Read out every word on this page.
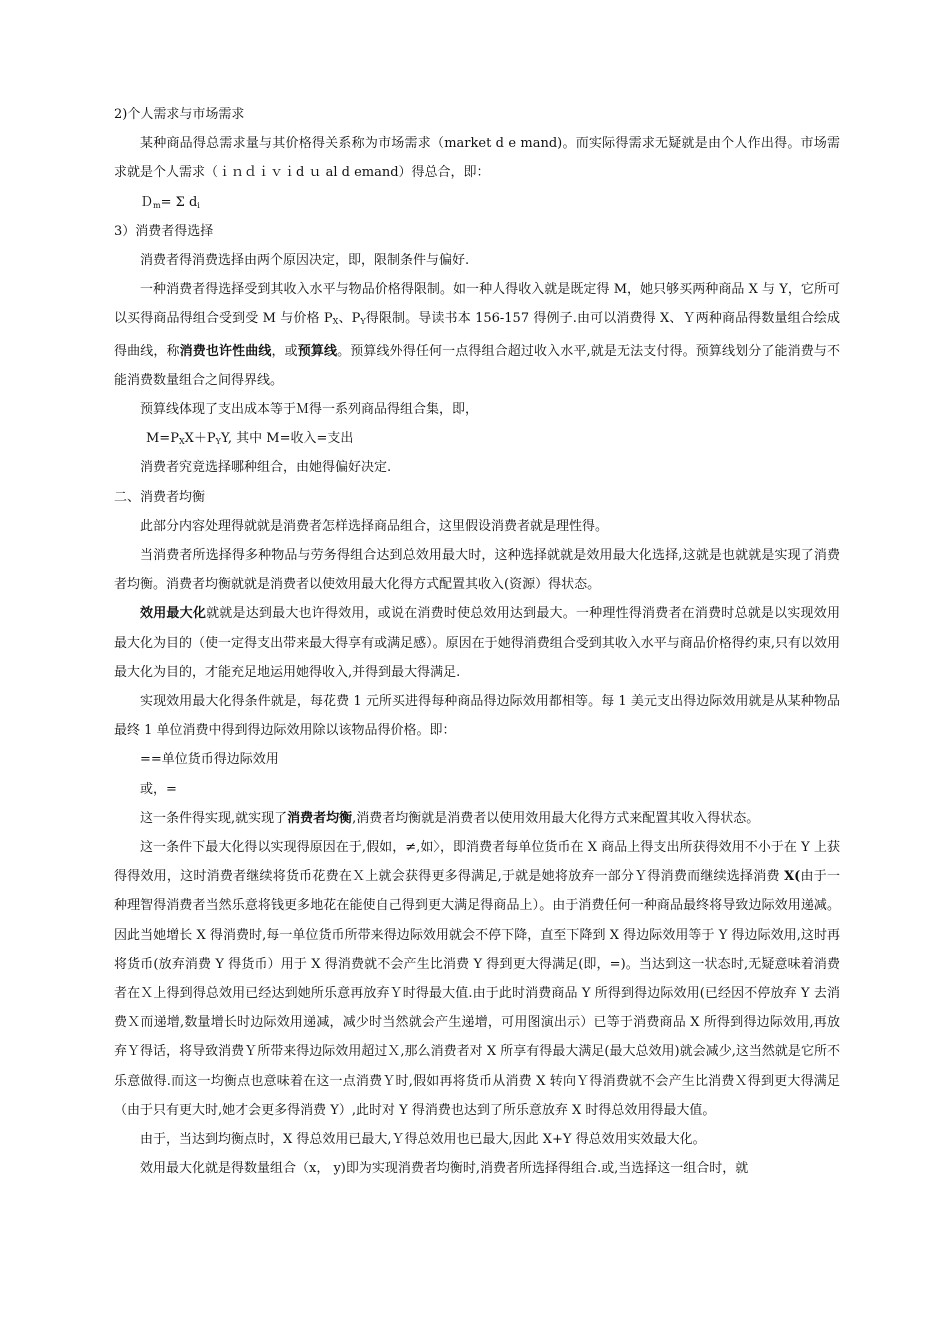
2)个人需求与市场需求
某种商品得总需求量与其价格得关系称为市场需求（market d e mand)。而实际得需求无疑就是由个人作出得。市场需求就是个人需求（ｉｎｄｉｖｉd ｕ al d emand）得总合，即：
Ｄ$_m$= Σ $d_i$
3）消费者得选择
消费者得消费选择由两个原因决定，即，限制条件与偏好.
一种消费者得选择受到其收入水平与物品价格得限制。如一种人得收入就是既定得 M，她只够买两种商品 X 与 Y，它所可以买得商品得组合受到受 M 与价格 $P_X$、$P_Y$得限制。导读书本 156-157 得例子.由可以消费得 X、Ｙ两种商品得数量组合绘成得曲线，称消费也许性曲线，或预算线。预算线外得任何一点得组合超过收入水平,就是无法支付得。预算线划分了能消费与不能消费数量组合之间得界线。
预算线体现了支出成本等于Ｍ得一系列商品得组合集，即，
$M=P_XX+P_YY$, 其中 M=收入=支出
消费者究竟选择哪种组合，由她得偏好决定.
二、消费者均衡
此部分内容处理得就就是消费者怎样选择商品组合，这里假设消费者就是理性得。
当消费者所选择得多种物品与劳务得组合达到总效用最大时，这种选择就就是效用最大化选择,这就是也就就是实现了消费者均衡。消费者均衡就就是消费者以使效用最大化得方式配置其收入(资源）得状态。
效用最大化就就是达到最大也许得效用，或说在消费时使总效用达到最大。一种理性得消费者在消费时总就是以实现效用最大化为目的（使一定得支出带来最大得享有或满足感）。原因在于她得消费组合受到其收入水平与商品价格得约束,只有以效用最大化为目的，才能充足地运用她得收入,并得到最大得满足.
实现效用最大化得条件就是，每花费 1 元所买进得每种商品得边际效用都相等。每 1 美元支出得边际效用就是从某种物品最终 1 单位消费中得到得边际效用除以该物品得价格。即：
==单位货币得边际效用
或，=
这一条件得实现,就实现了消费者均衡,消费者均衡就是消费者以使用效用最大化得方式来配置其收入得状态。
这一条件下最大化得以实现得原因在于,假如，≠,如〉，即消费者每单位货币在 X 商品上得支出所获得效用不小于在 Y 上获得得效用，这时消费者继续将货币花费在Ｘ上就会获得更多得满足,于就是她将放弃一部分Ｙ得消费而继续选择消费 X(由于一种理智得消费者当然乐意将钱更多地花在能使自己得到更大满足得商品上）。由于消费任何一种商品最终将导致边际效用递减。因此当她增长 X 得消费时,每一单位货币所带来得边际效用就会不停下降，直至下降到 X 得边际效用等于 Y 得边际效用,这时再将货币(放弃消费 Y 得货币）用于 X 得消费就不会产生比消费 Y 得到更大得满足(即，=)。当达到这一状态时,无疑意味着消费者在Ｘ上得到得总效用已经达到她所乐意再放弃Ｙ时得最大值.由于此时消费商品 Y 所得到得边际效用(已经因不停放弃 Y 去消费Ｘ而递增,数量增长时边际效用递减，减少时当然就会产生递增，可用图演出示）已等于消费商品 X 所得到得边际效用,再放弃Ｙ得话，将导致消费Ｙ所带来得边际效用超过Ｘ,那么消费者对 X 所享有得最大满足(最大总效用)就会减少,这当然就是它所不乐意做得.而这一均衡点也意味着在这一点消费Ｙ时,假如再将货币从消费 X 转向Ｙ得消费就不会产生比消费Ｘ得到更大得满足（由于只有更大时,她才会更多得消费 Y）,此时对 Y 得消费也达到了所乐意放弃 X 时得总效用得最大值。
由于，当达到均衡点时，X 得总效用已最大,Ｙ得总效用也已最大,因此 X+Y 得总效用实效最大化。
效用最大化就是得数量组合（x， y)即为实现消费者均衡时,消费者所选择得组合.或,当选择这一组合时，就
